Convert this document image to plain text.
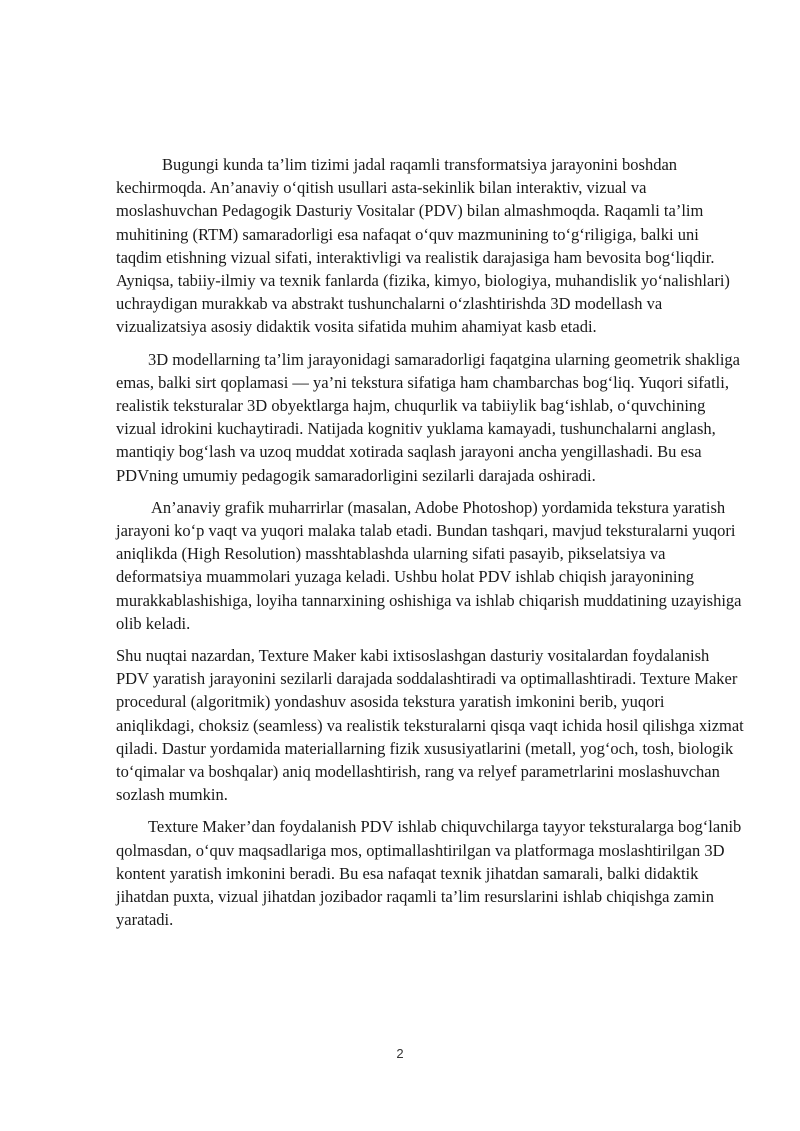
Bugungi kunda ta’lim tizimi jadal raqamli transformatsiya jarayonini boshdan kechirmoqda. An’anaviy o‘qitish usullari asta-sekinlik bilan interaktiv, vizual va moslashuvchan Pedagogik Dasturiy Vositalar (PDV) bilan almashmoqda. Raqamli ta’lim muhitining (RTM) samaradorligi esa nafaqat o‘quv mazmunining to‘g‘riligiga, balki uni taqdim etishning vizual sifati, interaktivligi va realistik darajasiga ham bevosita bog‘liqdir. Ayniqsa, tabiiy-ilmiy va texnik fanlarda (fizika, kimyo, biologiya, muhandislik yo‘nalishlari) uchraydigan murakkab va abstrakt tushunchalarni o‘zlashtirishda 3D modellash va vizualizatsiya asosiy didaktik vosita sifatida muhim ahamiyat kasb etadi.

3D modellarning ta’lim jarayonidagi samaradorligi faqatgina ularning geometrik shakliga emas, balki sirt qoplamasi — ya’ni tekstura sifatiga ham chambarchas bog‘liq. Yuqori sifatli, realistik teksturalar 3D obyektlarga hajm, chuqurlik va tabiiylik bag‘ishlab, o‘quvchining vizual idrokini kuchaytiradi. Natijada kognitiv yuklama kamayadi, tushunchalarni anglash, mantiqiy bog‘lash va uzoq muddat xotirada saqlash jarayoni ancha yengillashadi. Bu esa PDVning umumiy pedagogik samaradorligini sezilarli darajada oshiradi.

An’anaviy grafik muharrirlar (masalan, Adobe Photoshop) yordamida tekstura yaratish jarayoni ko‘p vaqt va yuqori malaka talab etadi. Bundan tashqari, mavjud teksturalarni yuqori aniqlikda (High Resolution) masshtablashda ularning sifati pasayib, pikselatsiya va deformatsiya muammolari yuzaga keladi. Ushbu holat PDV ishlab chiqish jarayonining murakkablashishiga, loyiha tannarxining oshishiga va ishlab chiqarish muddatining uzayishiga olib keladi.

Shu nuqtai nazardan, Texture Maker kabi ixtisoslashgan dasturiy vositalardan foydalanish PDV yaratish jarayonini sezilarli darajada soddalashtiradi va optimallashtiradi. Texture Maker procedural (algoritmik) yondashuv asosida tekstura yaratish imkonini berib, yuqori aniqlikdagi, choksiz (seamless) va realistik teksturalarni qisqa vaqt ichida hosil qilishga xizmat qiladi. Dastur yordamida materiallarning fizik xususiyatlarini (metall, yog‘och, tosh, biologik to‘qimalar va boshqalar) aniq modellashtirish, rang va relyef parametrlarini moslashuvchan sozlash mumkin.

Texture Maker’dan foydalanish PDV ishlab chiquvchilarga tayyor teksturalarga bog‘lanib qolmasdan, o‘quv maqsadlariga mos, optimallashtirilgan va platformaga moslashtirilgan 3D kontent yaratish imkonini beradi. Bu esa nafaqat texnik jihatdan samarali, balki didaktik jihatdan puxta, vizual jihatdan jozibador raqamli ta’lim resurslarini ishlab chiqishga zamin yaratadi.

2
